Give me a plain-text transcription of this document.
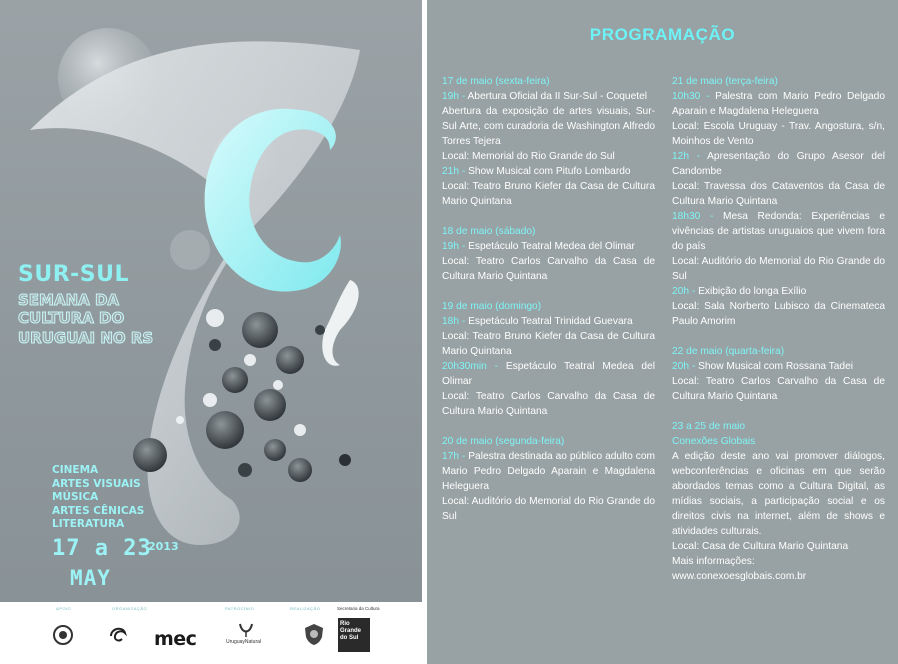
SUR-SUL
SEMANA DA
CULTURA DO
URUGUAI NO RS
CINEMA
ARTES VISUAIS
MÚSICA
ARTES CÊNICAS
LITERATURA
17 a 23
2013
MAY
APOIO	ORGANIZAÇÃO	PATROCÍNIO	REALIZAÇÃO	Secretaria da Cultura
mec	UruguayNatural
Rio
Grande
do Sul
PROGRAMAÇÃO
17 de maio (sexta-feira)
19h - Abertura Oficial da II Sur-Sul - Coquetel
Abertura da exposição de artes visuais, Sur-Sul Arte, com curadoria de Washington Alfredo Torres Tejera
Local: Memorial do Rio Grande do Sul
21h - Show Musical com Pitufo Lombardo
Local: Teatro Bruno Kiefer da Casa de Cultura Mario Quintana
18 de maio (sábado)
19h - Espetáculo Teatral Medea del Olimar
Local: Teatro Carlos Carvalho da Casa de Cultura Mario Quintana
19 de maio (domingo)
18h - Espetáculo Teatral Trinidad Guevara
Local: Teatro Bruno Kiefer da Casa de Cultura Mario Quintana
20h30min - Espetáculo Teatral Medea del Olimar
Local: Teatro Carlos Carvalho da Casa de Cultura Mario Quintana
20 de maio (segunda-feira)
17h - Palestra destinada ao público adulto com Mario Pedro Delgado Aparain e Magdalena Heleguera
Local: Auditório do Memorial do Rio Grande do Sul
21 de maio (terça-feira)
10h30 - Palestra com Mario Pedro Delgado Aparain e Magdalena Heleguera
Local: Escola Uruguay - Trav. Angostura, s/n, Moinhos de Vento
12h - Apresentação do Grupo Asesor del Candombe
Local: Travessa dos Cataventos da Casa de Cultura Mario Quintana
18h30 - Mesa Redonda: Experiências e vivências de artistas uruguaios que vivem fora do país
Local: Auditório do Memorial do Rio Grande do Sul
20h - Exibição do longa Exílio
Local: Sala Norberto Lubisco da Cinemateca Paulo Amorim
22 de maio (quarta-feira)
20h - Show Musical com Rossana Tadei
Local: Teatro Carlos Carvalho da Casa de Cultura Mario Quintana
23 a 25 de maio
Conexões Globais
A edição deste ano vai promover diálogos, webconferências e oficinas em que serão abordados temas como a Cultura Digital, as mídias sociais, a participação social e os direitos civis na internet, além de shows e atividades culturais.
Local: Casa de Cultura Mario Quintana
Mais informações:
www.conexoesglobais.com.br
